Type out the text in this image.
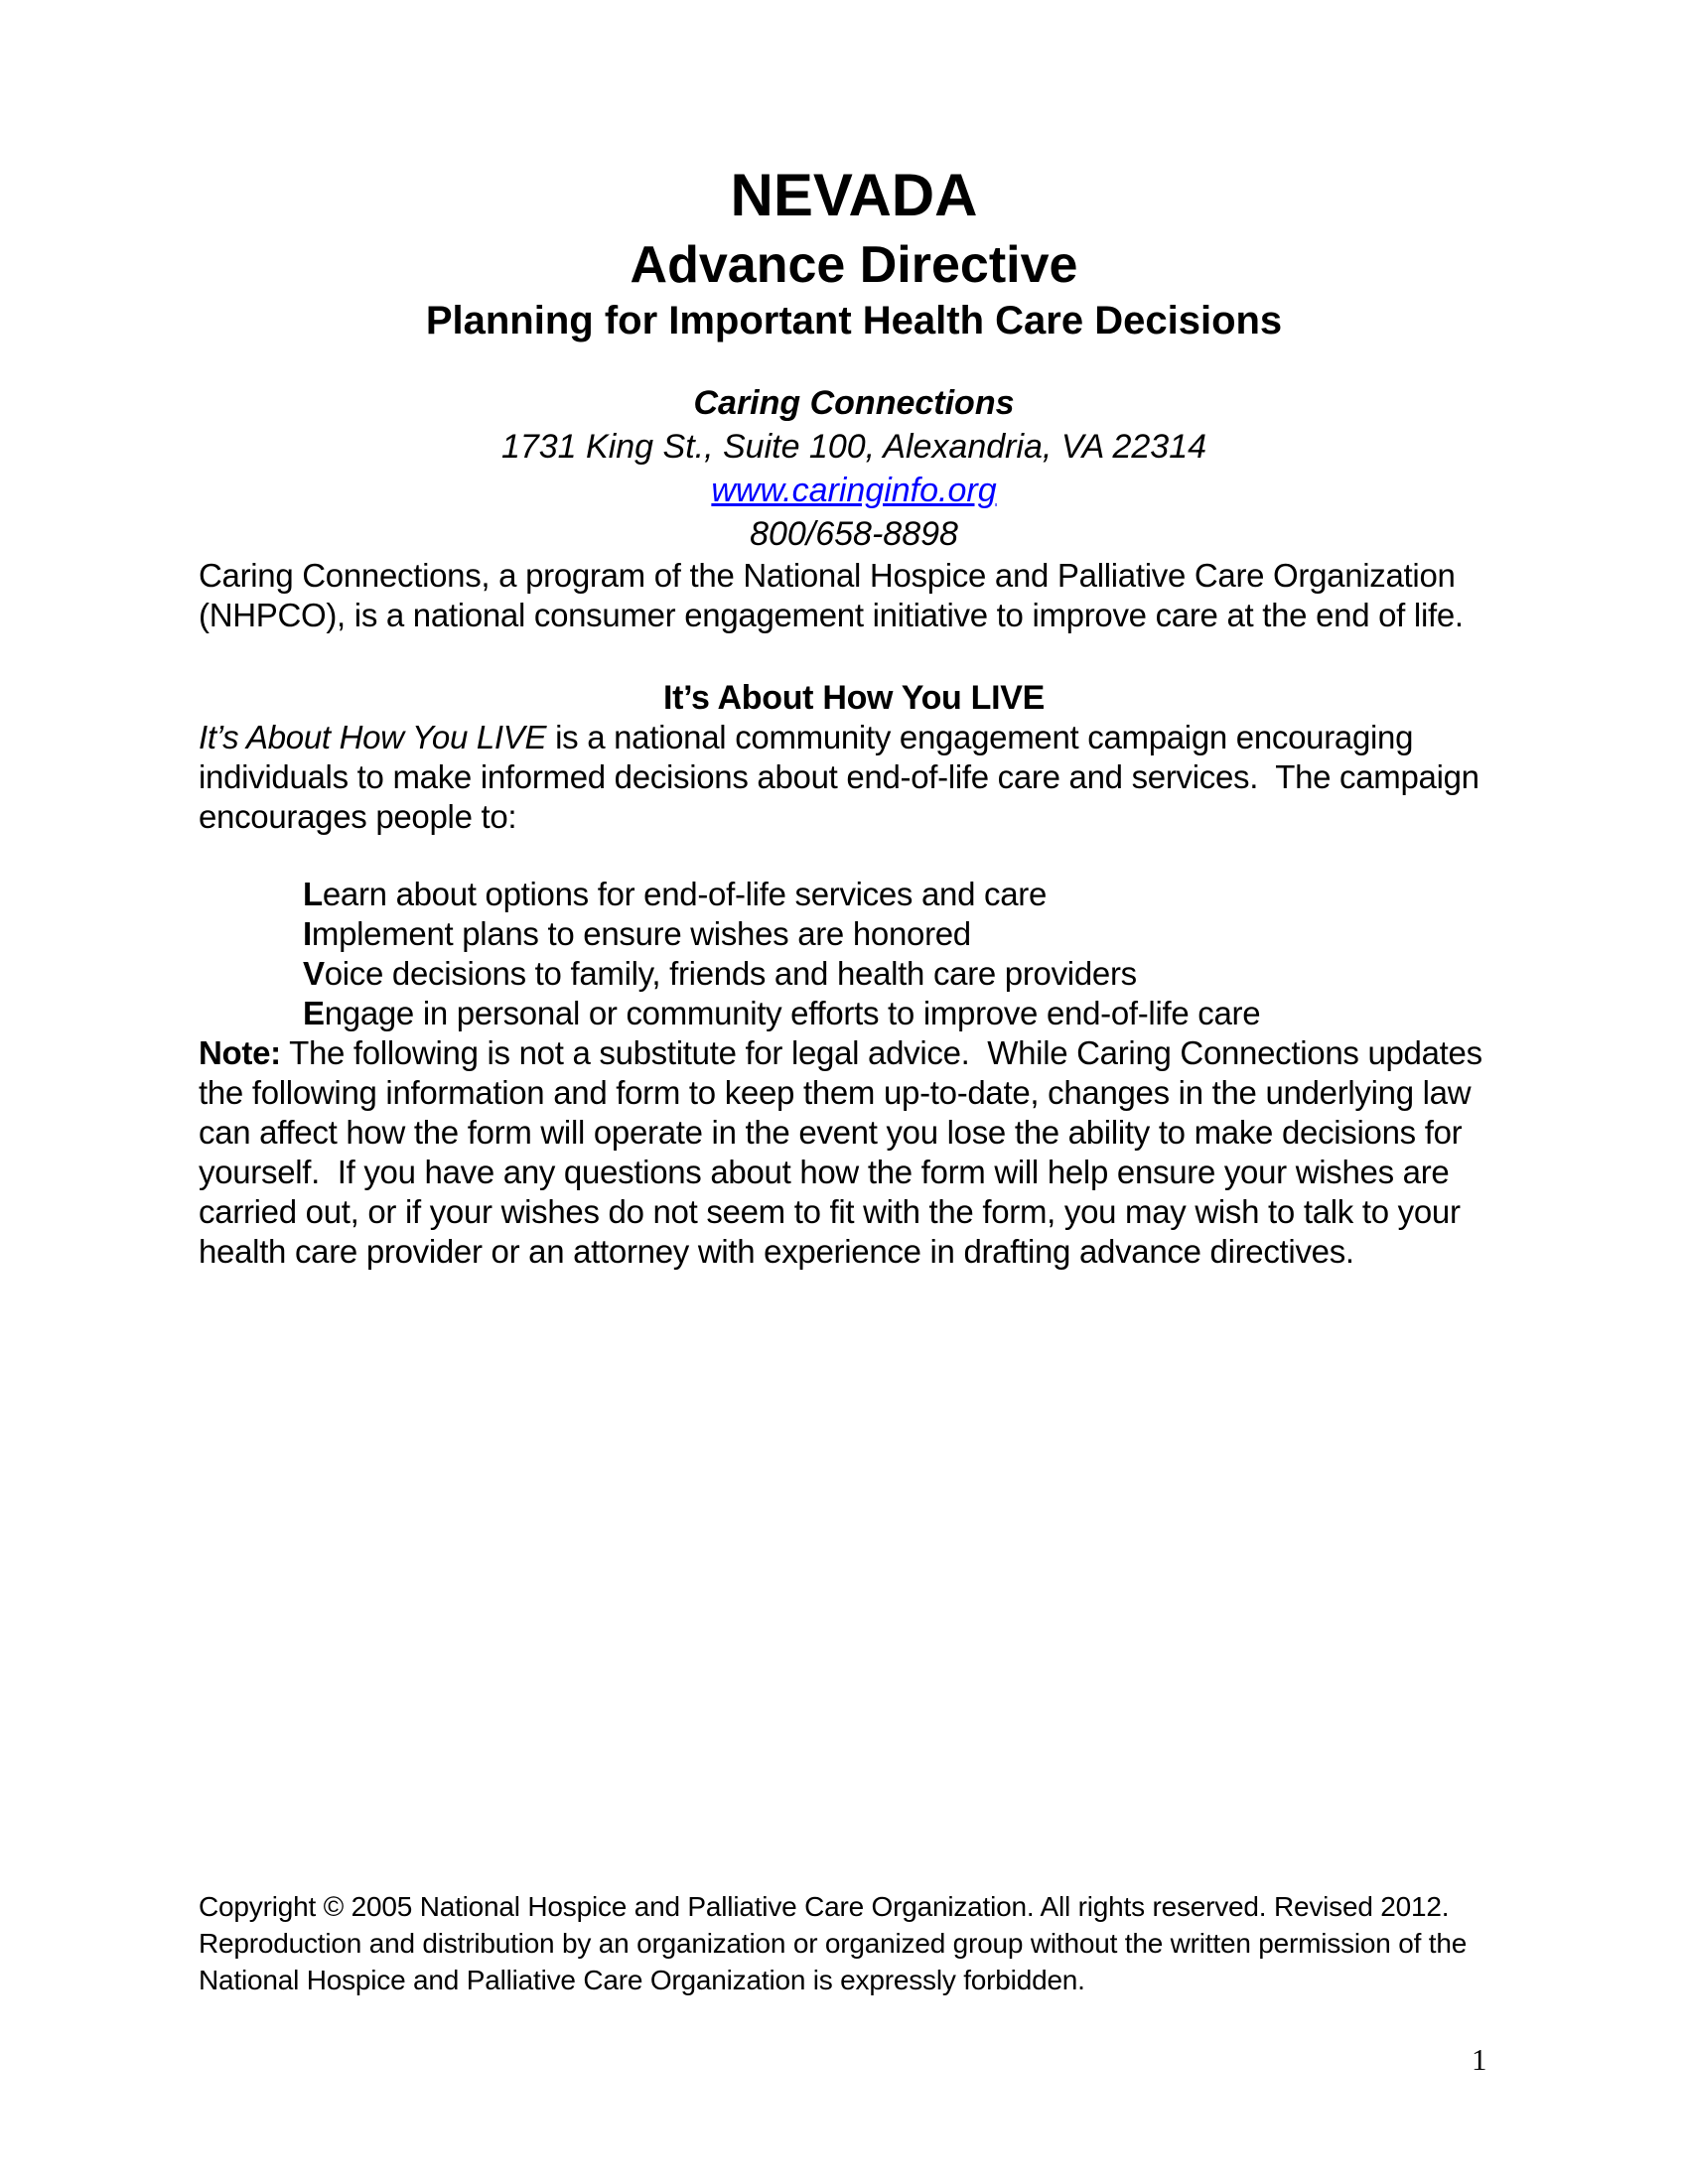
NEVADA
Advance Directive
Planning for Important Health Care Decisions
Caring Connections
1731 King St., Suite 100, Alexandria, VA 22314
www.caringinfo.org
800/658-8898

Caring Connections, a program of the National Hospice and Palliative Care Organization (NHPCO), is a national consumer engagement initiative to improve care at the end of life.

It’s About How You LIVE

It’s About How You LIVE is a national community engagement campaign encouraging individuals to make informed decisions about end-of-life care and services.  The campaign encourages people to:

Learn about options for end-of-life services and care
Implement plans to ensure wishes are honored
Voice decisions to family, friends and health care providers
Engage in personal or community efforts to improve end-of-life care

Note: The following is not a substitute for legal advice.  While Caring Connections updates the following information and form to keep them up-to-date, changes in the underlying law can affect how the form will operate in the event you lose the ability to make decisions for yourself.  If you have any questions about how the form will help ensure your wishes are carried out, or if your wishes do not seem to fit with the form, you may wish to talk to your health care provider or an attorney with experience in drafting advance directives.

Copyright © 2005 National Hospice and Palliative Care Organization. All rights reserved. Revised 2012. Reproduction and distribution by an organization or organized group without the written permission of the National Hospice and Palliative Care Organization is expressly forbidden.

1
